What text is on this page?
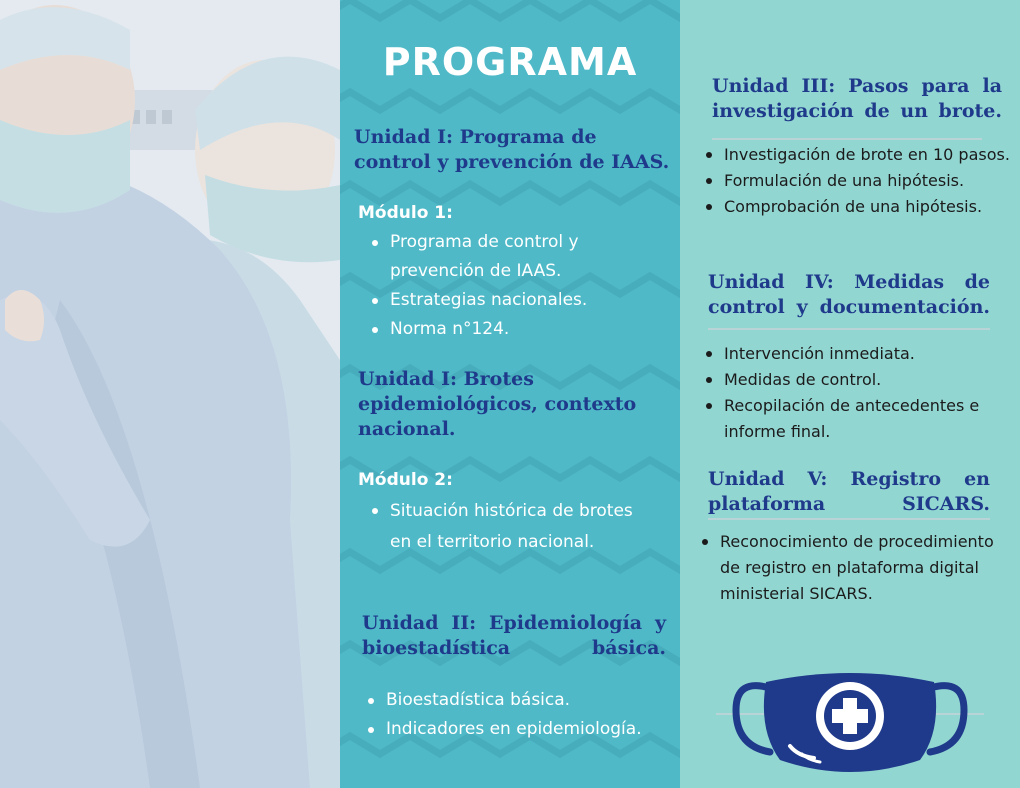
PROGRAMA
Unidad I: Programa de control y prevención de IAAS.
Módulo 1:
Programa de control y prevención de IAAS.
Estrategias nacionales.
Norma n°124.
Unidad I: Brotes epidemiológicos, contexto nacional.
Módulo 2:
Situación histórica de brotes en el territorio nacional.
Unidad II: Epidemiología y bioestadística básica.
Bioestadística básica.
Indicadores en epidemiología.
Unidad III: Pasos para la investigación de un brote.
Investigación de brote en 10 pasos.
Formulación de una hipótesis.
Comprobación de una hipótesis.
Unidad IV: Medidas de control y documentación.
Intervención inmediata.
Medidas de control.
Recopilación de antecedentes e informe final.
Unidad V: Registro en plataforma SICARS.
Reconocimiento de procedimiento de registro en plataforma digital ministerial SICARS.
